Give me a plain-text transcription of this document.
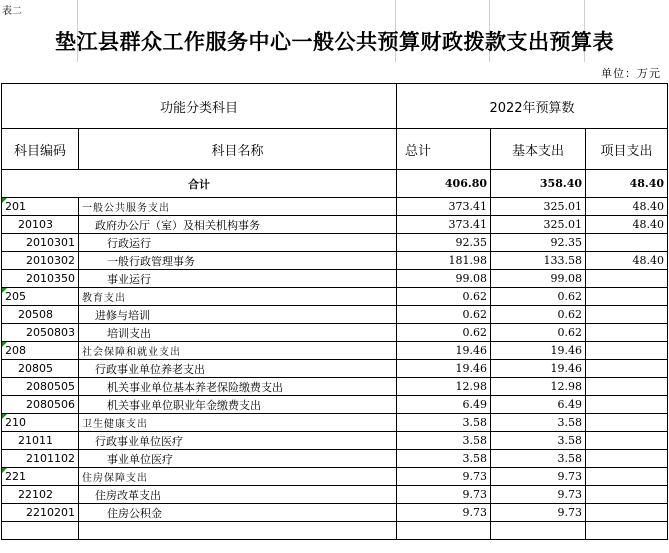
表二
垫江县群众工作服务中心一般公共预算财政拨款支出预算表
单位：万元
功能分类科目		2022年预算数		
科目编码	科目名称	总计	基本支出	项目支出
合计		406.80	358.40	48.40
201	一般公共服务支出	373.41	325.01	48.40
20103	政府办公厅（室）及相关机构事务	373.41	325.01	48.40
2010301	行政运行	92.35	92.35	
2010302	一般行政管理事务	181.98	133.58	48.40
2010350	事业运行	99.08	99.08	
205	教育支出	0.62	0.62	
20508	进修与培训	0.62	0.62	
2050803	培训支出	0.62	0.62	
208	社会保障和就业支出	19.46	19.46	
20805	行政事业单位养老支出	19.46	19.46	
2080505	机关事业单位基本养老保险缴费支出	12.98	12.98	
2080506	机关事业单位职业年金缴费支出	6.49	6.49	
210	卫生健康支出	3.58	3.58	
21011	行政事业单位医疗	3.58	3.58	
2101102	事业单位医疗	3.58	3.58	
221	住房保障支出	9.73	9.73	
22102	住房改革支出	9.73	9.73	
2210201	住房公积金	9.73	9.73	
